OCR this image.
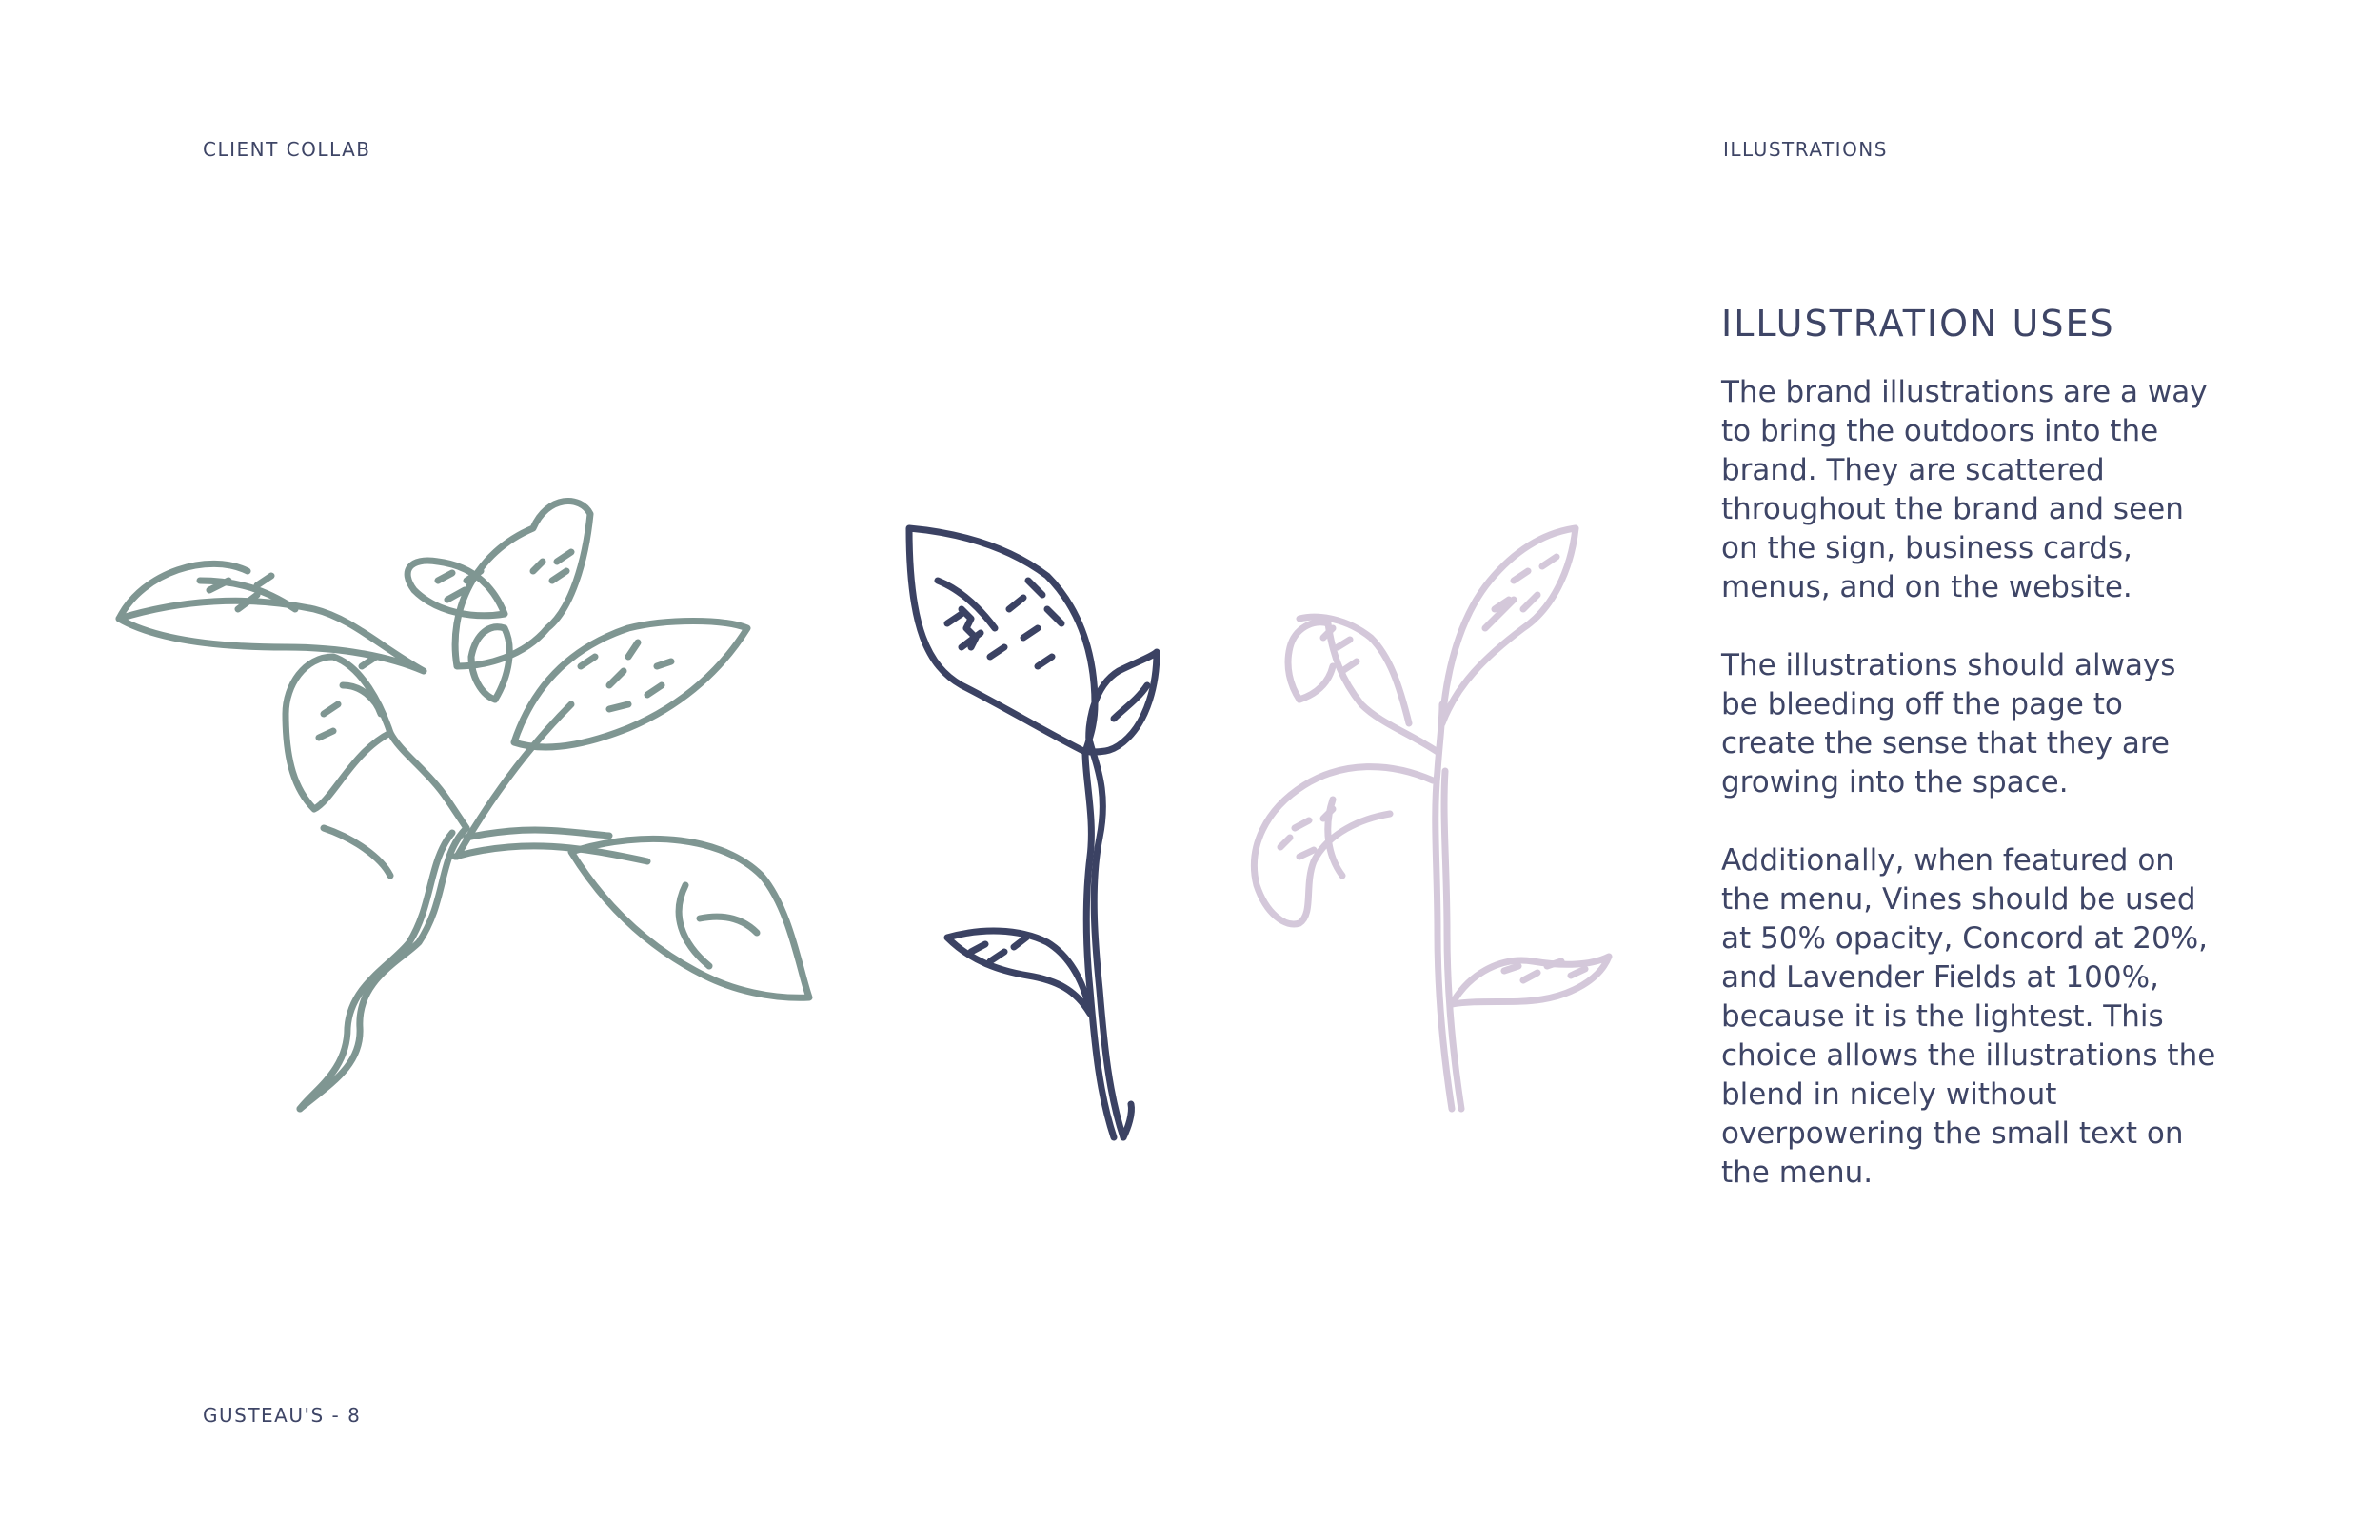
CLIENT COLLAB	ILLUSTRATIONS
GUSTEAU'S - 8
ILLUSTRATION USES

The brand illustrations are a way to bring the outdoors into the brand. They are scattered throughout the brand and seen on the sign, business cards, menus, and on the website.

The illustrations should always be bleeding off the page to create the sense that they are growing into the space.

Additionally, when featured on the menu, Vines should be used at 50% opacity, Concord at 20%, and Lavender Fields at 100%, because it is the lightest. This choice allows the illustrations the blend in nicely without overpowering the small text on the menu.
